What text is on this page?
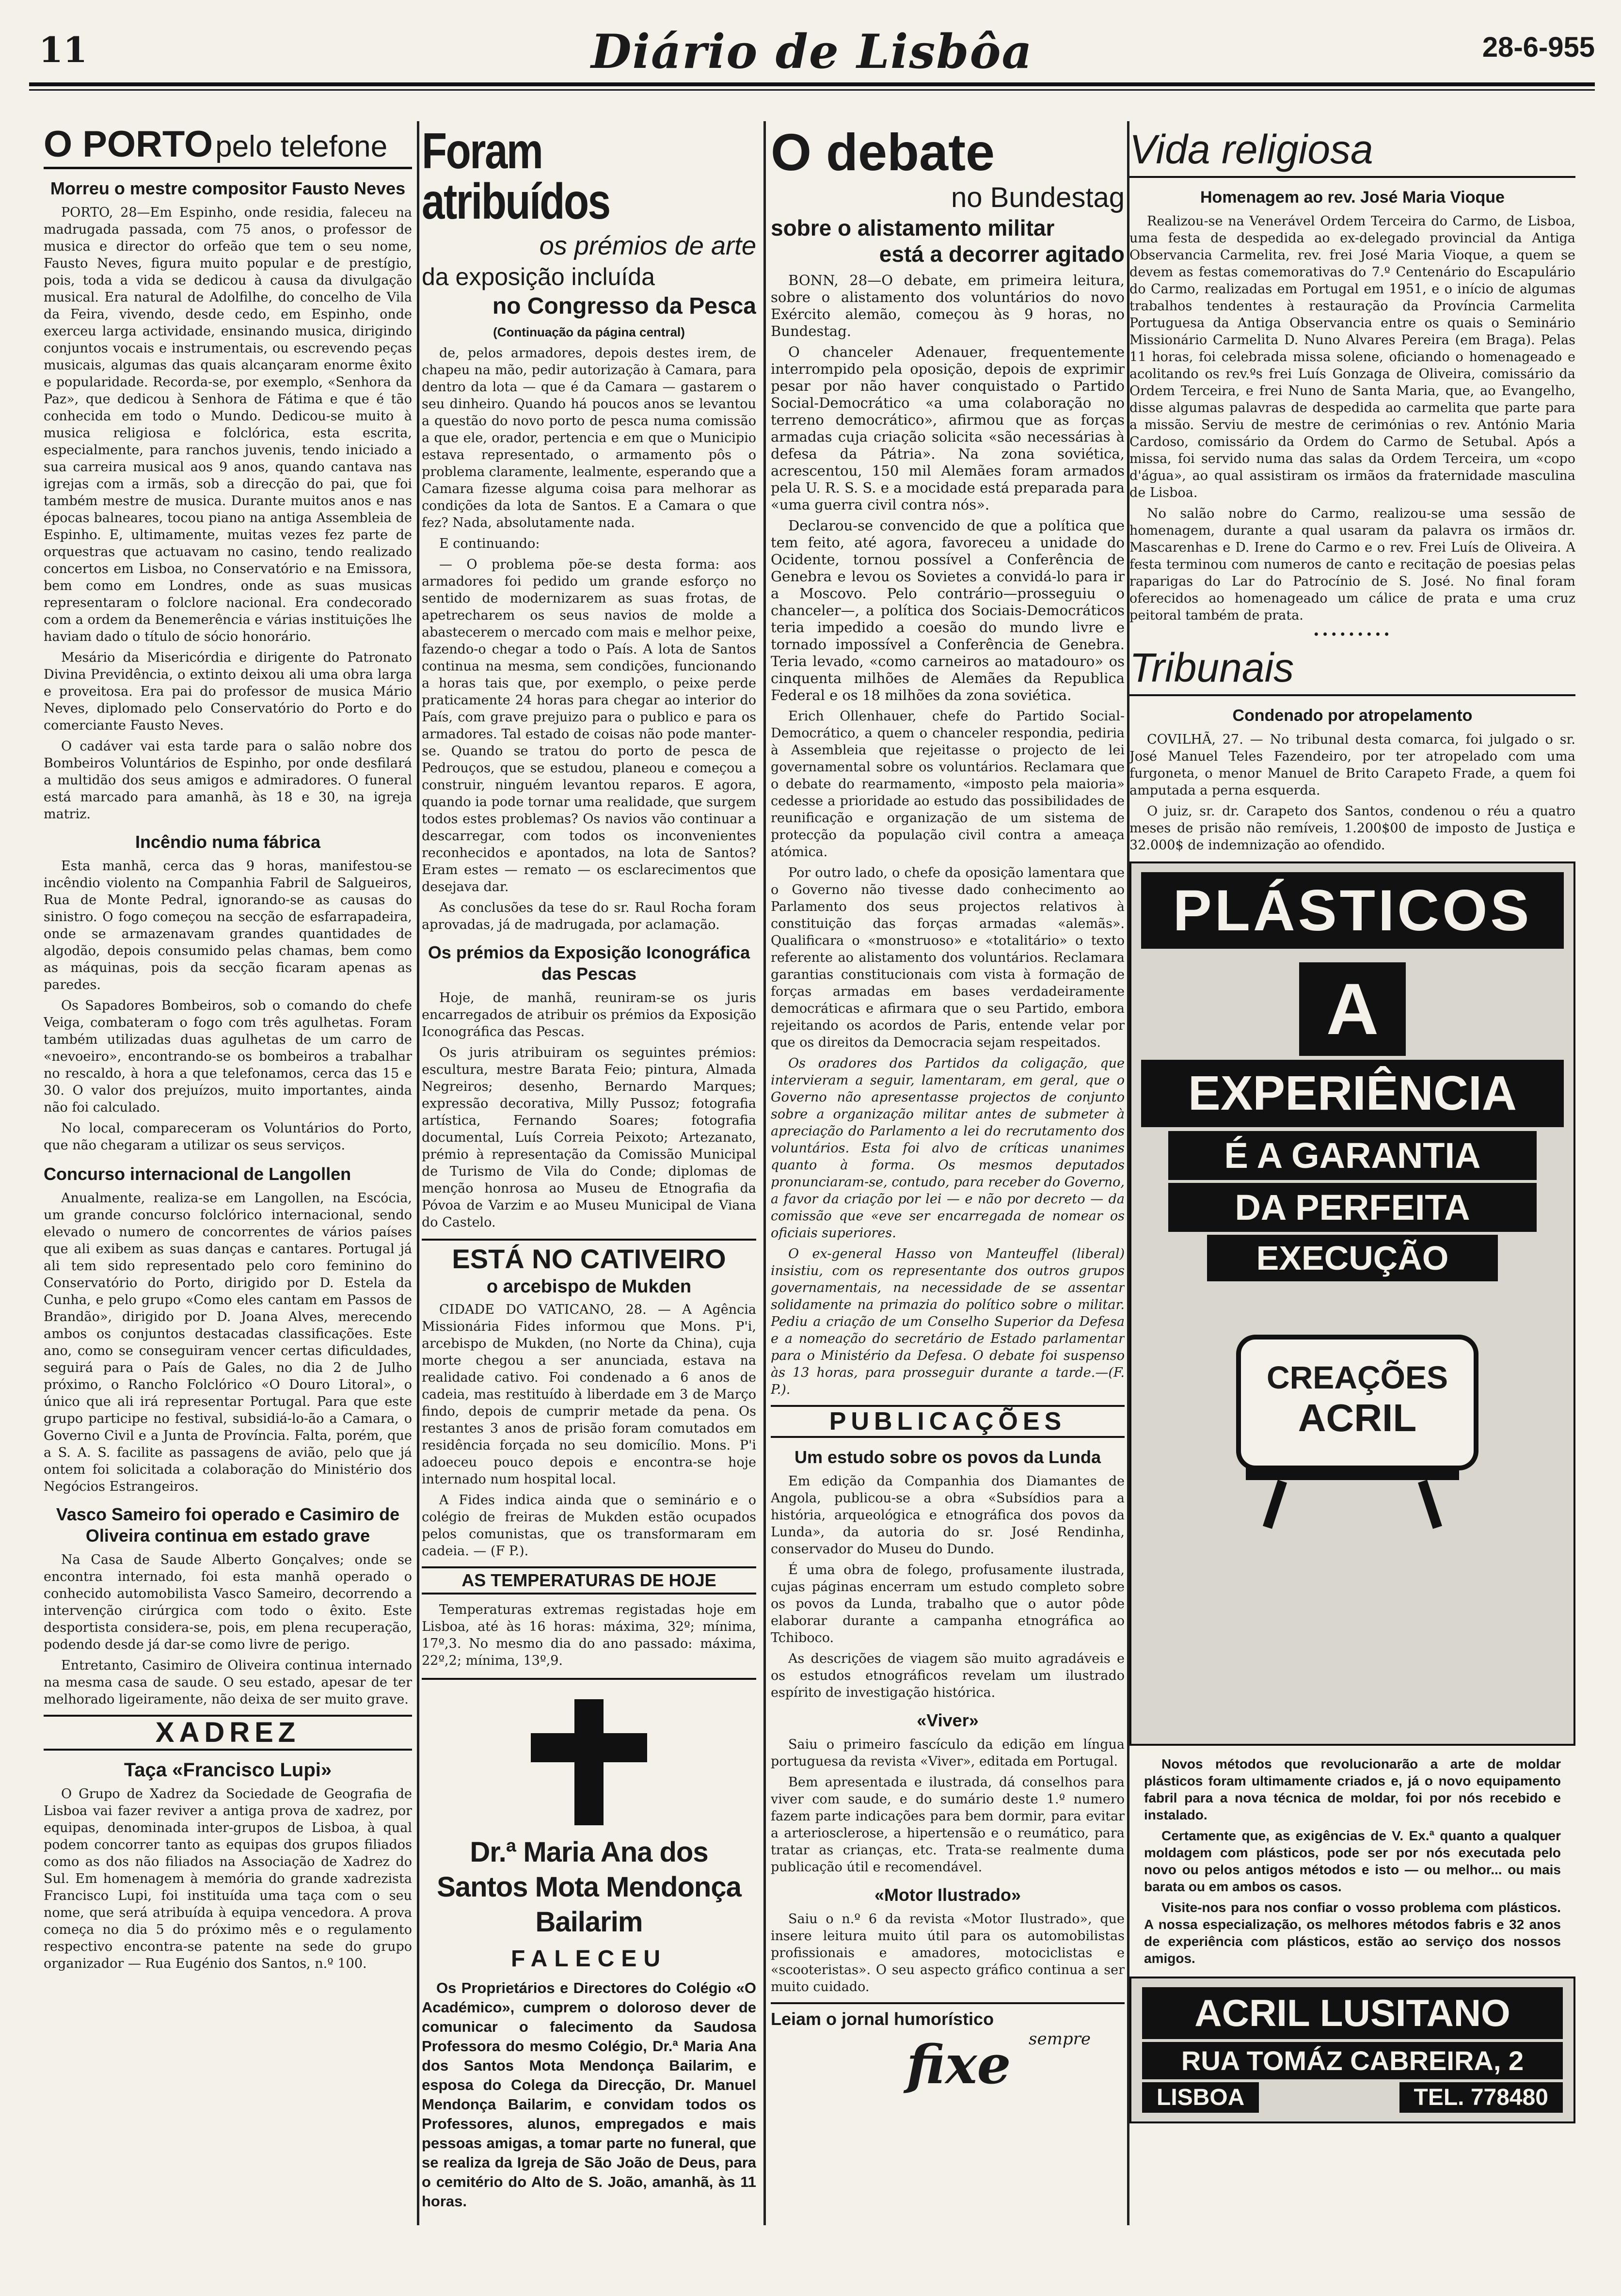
11	Diário de Lisbôa	28-6-955
O PORTO pelo telefone
Morreu o mestre compositor Fausto Neves

PORTO, 28—Em Espinho, onde residia, faleceu na madrugada passada, com 75 anos, o professor de musica e director do orfeão que tem o seu nome, Fausto Neves, figura muito popular e de prestígio, pois, toda a vida se dedicou à causa da divulgação musical. Era natural de Adolfilhe, do concelho de Vila da Feira, vivendo, desde cedo, em Espinho, onde exerceu larga actividade, ensinando musica, dirigindo conjuntos vocais e instrumentais, ou escrevendo peças musicais, algumas das quais alcançaram enorme êxito e popularidade. Recorda-se, por exemplo, «Senhora da Paz», que dedicou à Senhora de Fátima e que é tão conhecida em todo o Mundo. Dedicou-se muito à musica religiosa e folclórica, esta escrita, especialmente, para ranchos juvenis, tendo iniciado a sua carreira musical aos 9 anos, quando cantava nas igrejas com a irmãs, sob a direcção do pai, que foi também mestre de musica. Durante muitos anos e nas épocas balneares, tocou piano na antiga Assembleia de Espinho. E, ultimamente, muitas vezes fez parte de orquestras que actuavam no casino, tendo realizado concertos em Lisboa, no Conservatório e na Emissora, bem como em Londres, onde as suas musicas representaram o folclore nacional. Era condecorado com a ordem da Benemerência e várias instituições lhe haviam dado o título de sócio honorário.

Mesário da Misericórdia e dirigente do Patronato Divina Previdência, o extinto deixou ali uma obra larga e proveitosa. Era pai do professor de musica Mário Neves, diplomado pelo Conservatório do Porto e do comerciante Fausto Neves.

O cadáver vai esta tarde para o salão nobre dos Bombeiros Voluntários de Espinho, por onde desfilará a multidão dos seus amigos e admiradores. O funeral está marcado para amanhã, às 18 e 30, na igreja matriz.

Incêndio numa fábrica

Esta manhã, cerca das 9 horas, manifestou-se incêndio violento na Companhia Fabril de Salgueiros, Rua de Monte Pedral, ignorando-se as causas do sinistro. O fogo começou na secção de esfarrapadeira, onde se armazenavam grandes quantidades de algodão, depois consumido pelas chamas, bem como as máquinas, pois da secção ficaram apenas as paredes.

Os Sapadores Bombeiros, sob o comando do chefe Veiga, combateram o fogo com três agulhetas. Foram também utilizadas duas agulhetas de um carro de «nevoeiro», encontrando-se os bombeiros a trabalhar no rescaldo, à hora a que telefonamos, cerca das 15 e 30. O valor dos prejuízos, muito importantes, ainda não foi calculado.

No local, compareceram os Voluntários do Porto, que não chegaram a utilizar os seus serviços.

Concurso internacional de Langollen

Anualmente, realiza-se em Langollen, na Escócia, um grande concurso folclórico internacional, sendo elevado o numero de concorrentes de vários países que ali exibem as suas danças e cantares. Portugal já ali tem sido representado pelo coro feminino do Conservatório do Porto, dirigido por D. Estela da Cunha, e pelo grupo «Como eles cantam em Passos de Brandão», dirigido por D. Joana Alves, merecendo ambos os conjuntos destacadas classificações. Este ano, como se conseguiram vencer certas dificuldades, seguirá para o País de Gales, no dia 2 de Julho próximo, o Rancho Folclórico «O Douro Litoral», o único que ali irá representar Portugal. Para que este grupo participe no festival, subsidiá-lo-ão a Camara, o Governo Civil e a Junta de Província. Falta, porém, que a S. A. S. facilite as passagens de avião, pelo que já ontem foi solicitada a colaboração do Ministério dos Negócios Estrangeiros.

Vasco Sameiro foi operado e Casimiro de Oliveira continua em estado grave

Na Casa de Saude Alberto Gonçalves; onde se encontra internado, foi esta manhã operado o conhecido automobilista Vasco Sameiro, decorrendo a intervenção cirúrgica com todo o êxito. Este desportista considera-se, pois, em plena recuperação, podendo desde já dar-se como livre de perigo.

Entretanto, Casimiro de Oliveira continua internado na mesma casa de saude. O seu estado, apesar de ter melhorado ligeiramente, não deixa de ser muito grave.

XADREZ
Taça «Francisco Lupi»

O Grupo de Xadrez da Sociedade de Geografia de Lisboa vai fazer reviver a antiga prova de xadrez, por equipas, denominada inter-grupos de Lisboa, à qual podem concorrer tanto as equipas dos grupos filiados como as dos não filiados na Associação de Xadrez do Sul. Em homenagem à memória do grande xadrezista Francisco Lupi, foi instituída uma taça com o seu nome, que será atribuída à equipa vencedora. A prova começa no dia 5 do próximo mês e o regulamento respectivo encontra-se patente na sede do grupo organizador — Rua Eugénio dos Santos, n.º 100.

Foram atribuídos
os prémios de arte
da exposição incluída
no Congresso da Pesca
(Continuação da página central)

de, pelos armadores, depois destes irem, de chapeu na mão, pedir autorização à Camara, para dentro da lota — que é da Camara — gastarem o seu dinheiro. Quando há poucos anos se levantou a questão do novo porto de pesca numa comissão a que ele, orador, pertencia e em que o Municipio estava representado, o armamento pôs o problema claramente, lealmente, esperando que a Camara fizesse alguma coisa para melhorar as condições da lota de Santos. E a Camara o que fez? Nada, absolutamente nada.

E continuando:

— O problema põe-se desta forma: aos armadores foi pedido um grande esforço no sentido de modernizarem as suas frotas, de apetrecharem os seus navios de molde a abastecerem o mercado com mais e melhor peixe, fazendo-o chegar a todo o País. A lota de Santos continua na mesma, sem condições, funcionando a horas tais que, por exemplo, o peixe perde praticamente 24 horas para chegar ao interior do País, com grave prejuizo para o publico e para os armadores. Tal estado de coisas não pode manter-se. Quando se tratou do porto de pesca de Pedrouços, que se estudou, planeou e começou a construir, ninguém levantou reparos. E agora, quando ia pode tornar uma realidade, que surgem todos estes problemas? Os navios vão continuar a descarregar, com todos os inconvenientes reconhecidos e apontados, na lota de Santos? Eram estes — remato — os esclarecimentos que desejava dar.

As conclusões da tese do sr. Raul Rocha foram aprovadas, já de madrugada, por aclamação.

Os prémios da Exposição Iconográfica das Pescas

Hoje, de manhã, reuniram-se os juris encarregados de atribuir os prémios da Exposição Iconográfica das Pescas.

Os juris atribuiram os seguintes prémios: escultura, mestre Barata Feio; pintura, Almada Negreiros; desenho, Bernardo Marques; expressão decorativa, Milly Pussoz; fotografia artística, Fernando Soares; fotografia documental, Luís Correia Peixoto; Artezanato, prémio à representação da Comissão Municipal de Turismo de Vila do Conde; diplomas de menção honrosa ao Museu de Etnografia da Póvoa de Varzim e ao Museu Municipal de Viana do Castelo.

ESTÁ NO CATIVEIRO
o arcebispo de Mukden

CIDADE DO VATICANO, 28. — A Agência Missionária Fides informou que Mons. P'i, arcebispo de Mukden, (no Norte da China), cuja morte chegou a ser anunciada, estava na realidade cativo. Foi condenado a 6 anos de cadeia, mas restituído à liberdade em 3 de Março findo, depois de cumprir metade da pena. Os restantes 3 anos de prisão foram comutados em residência forçada no seu domicílio. Mons. P'i adoeceu pouco depois e encontra-se hoje internado num hospital local.

A Fides indica ainda que o seminário e o colégio de freiras de Mukden estão ocupados pelos comunistas, que os transformaram em cadeia. — (F P.).

AS TEMPERATURAS DE HOJE

Temperaturas extremas registadas hoje em Lisboa, até às 16 horas: máxima, 32º; mínima, 17º,3. No mesmo dia do ano passado: máxima, 22º,2; mínima, 13º,9.

Dr.ª Maria Ana dos Santos Mota Mendonça Bailarim
FALECEU

Os Proprietários e Directores do Colégio «O Académico», cumprem o doloroso dever de comunicar o falecimento da Saudosa Professora do mesmo Colégio, Dr.ª Maria Ana dos Santos Mota Mendonça Bailarim, e esposa do Colega da Direcção, Dr. Manuel Mendonça Bailarim, e convidam todos os Professores, alunos, empregados e mais pessoas amigas, a tomar parte no funeral, que se realiza da Igreja de São João de Deus, para o cemitério do Alto de S. João, amanhã, às 11 horas.

O debate
no Bundestag
sobre o alistamento militar
está a decorrer agitado

BONN, 28—O debate, em primeira leitura, sobre o alistamento dos voluntários do novo Exército alemão, começou às 9 horas, no Bundestag.

O chanceler Adenauer, frequentemente interrompido pela oposição, depois de exprimir pesar por não haver conquistado o Partido Social-Democrático «a uma colaboração no terreno democrático», afirmou que as forças armadas cuja criação solicita «são necessárias à defesa da Pátria». Na zona soviética, acrescentou, 150 mil Alemães foram armados pela U. R. S. S. e a mocidade está preparada para «uma guerra civil contra nós».

Declarou-se convencido de que a política que tem feito, até agora, favoreceu a unidade do Ocidente, tornou possível a Conferência de Genebra e levou os Sovietes a convidá-lo para ir a Moscovo. Pelo contrário—prosseguiu o chanceler—, a política dos Sociais-Democráticos teria impedido a coesão do mundo livre e tornado impossível a Conferência de Genebra. Teria levado, «como carneiros ao matadouro» os cinquenta milhões de Alemães da Republica Federal e os 18 milhões da zona soviética.

Erich Ollenhauer, chefe do Partido Social-Democrático, a quem o chanceler respondia, pediria à Assembleia que rejeitasse o projecto de lei governamental sobre os voluntários. Reclamara que o debate do rearmamento, «imposto pela maioria» cedesse a prioridade ao estudo das possibilidades de reunificação e organização de um sistema de protecção da população civil contra a ameaça atómica.

Por outro lado, o chefe da oposição lamentara que o Governo não tivesse dado conhecimento ao Parlamento dos seus projectos relativos à constituição das forças armadas «alemãs». Qualificara o «monstruoso» e «totalitário» o texto referente ao alistamento dos voluntários. Reclamara garantias constitucionais com vista à formação de forças armadas em bases verdadeiramente democráticas e afirmara que o seu Partido, embora rejeitando os acordos de Paris, entende velar por que os direitos da Democracia sejam respeitados.

Os oradores dos Partidos da coligação, que intervieram a seguir, lamentaram, em geral, que o Governo não apresentasse projectos de conjunto sobre a organização militar antes de submeter à apreciação do Parlamento a lei do recrutamento dos voluntários. Esta foi alvo de críticas unanimes quanto à forma. Os mesmos deputados pronunciaram-se, contudo, para receber do Governo, a favor da criação por lei — e não por decreto — da comissão que «eve ser encarregada de nomear os oficiais superiores.

O ex-general Hasso von Manteuffel (liberal) insistiu, com os representante dos outros grupos governamentais, na necessidade de se assentar solidamente na primazia do político sobre o militar. Pediu a criação de um Conselho Superior da Defesa e a nomeação do secretário de Estado parlamentar para o Ministério da Defesa. O debate foi suspenso às 13 horas, para prosseguir durante a tarde.—(F. P.).

PUBLICAÇÕES
Um estudo sobre os povos da Lunda

Em edição da Companhia dos Diamantes de Angola, publicou-se a obra «Subsídios para a história, arqueológica e etnográfica dos povos da Lunda», da autoria do sr. José Rendinha, conservador do Museu do Dundo.

É uma obra de folego, profusamente ilustrada, cujas páginas encerram um estudo completo sobre os povos da Lunda, trabalho que o autor pôde elaborar durante a campanha etnográfica ao Tchiboco.

As descrições de viagem são muito agradáveis e os estudos etnográficos revelam um ilustrado espírito de investigação histórica.

«Viver»

Saiu o primeiro fascículo da edição em língua portuguesa da revista «Viver», editada em Portugal.

Bem apresentada e ilustrada, dá conselhos para viver com saude, e do sumário deste 1.º numero fazem parte indicações para bem dormir, para evitar a arteriosclerose, a hipertensão e o reumático, para tratar as crianças, etc. Trata-se realmente duma publicação útil e recomendável.

«Motor Ilustrado»

Saiu o n.º 6 da revista «Motor Ilustrado», que insere leitura muito útil para os automobilistas profissionais e amadores, motociclistas e «scooteristas». O seu aspecto gráfico continua a ser muito cuidado.

Leiam o jornal humorístico
sempre
fixe
Vida religiosa
Homenagem ao rev. José Maria Vioque

Realizou-se na Venerável Ordem Terceira do Carmo, de Lisboa, uma festa de despedida ao ex-delegado provincial da Antiga Observancia Carmelita, rev. frei José Maria Vioque, a quem se devem as festas comemorativas do 7.º Centenário do Escapulário do Carmo, realizadas em Portugal em 1951, e o início de algumas trabalhos tendentes à restauração da Província Carmelita Portuguesa da Antiga Observancia entre os quais o Seminário Missionário Carmelita D. Nuno Alvares Pereira (em Braga). Pelas 11 horas, foi celebrada missa solene, oficiando o homenageado e acolitando os rev.ºs frei Luís Gonzaga de Oliveira, comissário da Ordem Terceira, e frei Nuno de Santa Maria, que, ao Evangelho, disse algumas palavras de despedida ao carmelita que parte para a missão. Serviu de mestre de cerimónias o rev. António Maria Cardoso, comissário da Ordem do Carmo de Setubal. Após a missa, foi servido numa das salas da Ordem Terceira, um «copo d'água», ao qual assistiram os irmãos da fraternidade masculina de Lisboa.

No salão nobre do Carmo, realizou-se uma sessão de homenagem, durante a qual usaram da palavra os irmãos dr. Mascarenhas e D. Irene do Carmo e o rev. Frei Luís de Oliveira. A festa terminou com numeros de canto e recitação de poesias pelas raparigas do Lar do Patrocínio de S. José. No final foram oferecidos ao homenageado um cálice de prata e uma cruz peitoral também de prata.

•••••••••
Tribunais
Condenado por atropelamento

COVILHÃ, 27. — No tribunal desta comarca, foi julgado o sr. José Manuel Teles Fazendeiro, por ter atropelado com uma furgoneta, o menor Manuel de Brito Carapeto Frade, a quem foi amputada a perna esquerda.

O juiz, sr. dr. Carapeto dos Santos, condenou o réu a quatro meses de prisão não remíveis, 1.200$00 de imposto de Justiça e 32.000$ de indemnização ao ofendido.

PLÁSTICOS
A
EXPERIÊNCIA
É A GARANTIA
DA PERFEITA
EXECUÇÃO
CREAÇÕES
ACRIL

Novos métodos que revolucionarão a arte de moldar plásticos foram ultimamente criados e, já o novo equipamento fabril para a nova técnica de moldar, foi por nós recebido e instalado.

Certamente que, as exigências de V. Ex.ª quanto a qualquer moldagem com plásticos, pode ser por nós executada pelo novo ou pelos antigos métodos e isto — ou melhor... ou mais barata ou em ambos os casos.

Visite-nos para nos confiar o vosso problema com plásticos. A nossa especialização, os melhores métodos fabris e 32 anos de experiência com plásticos, estão ao serviço dos nossos amigos.

ACRIL LUSITANO
RUA TOMÁZ CABREIRA, 2
LISBOA	TEL. 778480
